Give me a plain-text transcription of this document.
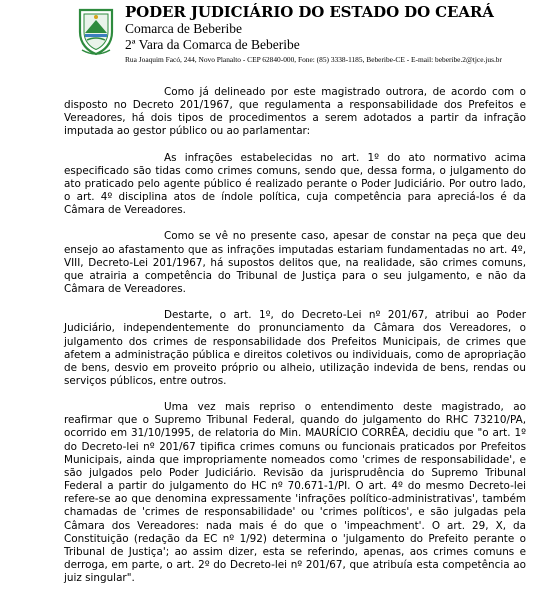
PODER JUDICIÁRIO DO ESTADO DO CEARÁ
Comarca de Beberibe
2ª Vara da Comarca de Beberibe
Rua Joaquim Facó, 244, Novo Planalto - CEP 62840-000, Fone: (85) 3338-1185, Beberibe-CE - E-mail: beberibe.2@tjce.jus.br

Como já delineado por este magistrado outrora, de acordo com o disposto no Decreto 201/1967, que regulamenta a responsabilidade dos Prefeitos e Vereadores, há dois tipos de procedimentos a serem adotados a partir da infração imputada ao gestor público ou ao parlamentar:

As infrações estabelecidas no art. 1º do ato normativo acima especificado são tidas como crimes comuns, sendo que, dessa forma, o julgamento do ato praticado pelo agente público é realizado perante o Poder Judiciário. Por outro lado, o art. 4º disciplina atos de índole política, cuja competência para apreciá-los é da Câmara de Vereadores.

Como se vê no presente caso, apesar de constar na peça que deu ensejo ao afastamento que as infrações imputadas estariam fundamentadas no art. 4º, VIII, Decreto-Lei 201/1967, há supostos delitos que, na realidade, são crimes comuns, que atrairia a competência do Tribunal de Justiça para o seu julgamento, e não da Câmara de Vereadores.

Destarte, o art. 1º, do Decreto-Lei nº 201/67, atribui ao Poder Judiciário, independentemente do pronunciamento da Câmara dos Vereadores, o julgamento dos crimes de responsabilidade dos Prefeitos Municipais, de crimes que afetem a administração pública e direitos coletivos ou individuais, como de apropriação de bens, desvio em proveito próprio ou alheio, utilização indevida de bens, rendas ou serviços públicos, entre outros.

Uma vez mais repriso o entendimento deste magistrado, ao reafirmar que o Supremo Tribunal Federal, quando do julgamento do RHC 73210/PA, ocorrido em 31/10/1995, de relatoria do Min. MAURÍCIO CORRÊA, decidiu que "o art. 1º do Decreto-lei nº 201/67 tipifica crimes comuns ou funcionais praticados por Prefeitos Municipais, ainda que impropriamente nomeados como 'crimes de responsabilidade', e são julgados pelo Poder Judiciário. Revisão da jurisprudência do Supremo Tribunal Federal a partir do julgamento do HC nº 70.671-1/PI. O art. 4º do mesmo Decreto-lei refere-se ao que denomina expressamente 'infrações político-administrativas', também chamadas de 'crimes de responsabilidade' ou 'crimes políticos', e são julgadas pela Câmara dos Vereadores: nada mais é do que o 'impeachment'. O art. 29, X, da Constituição (redação da EC nº 1/92) determina o 'julgamento do Prefeito perante o Tribunal de Justiça'; ao assim dizer, esta se referindo, apenas, aos crimes comuns e derroga, em parte, o art. 2º do Decreto-lei nº 201/67, que atribuía esta competência ao juiz singular".
